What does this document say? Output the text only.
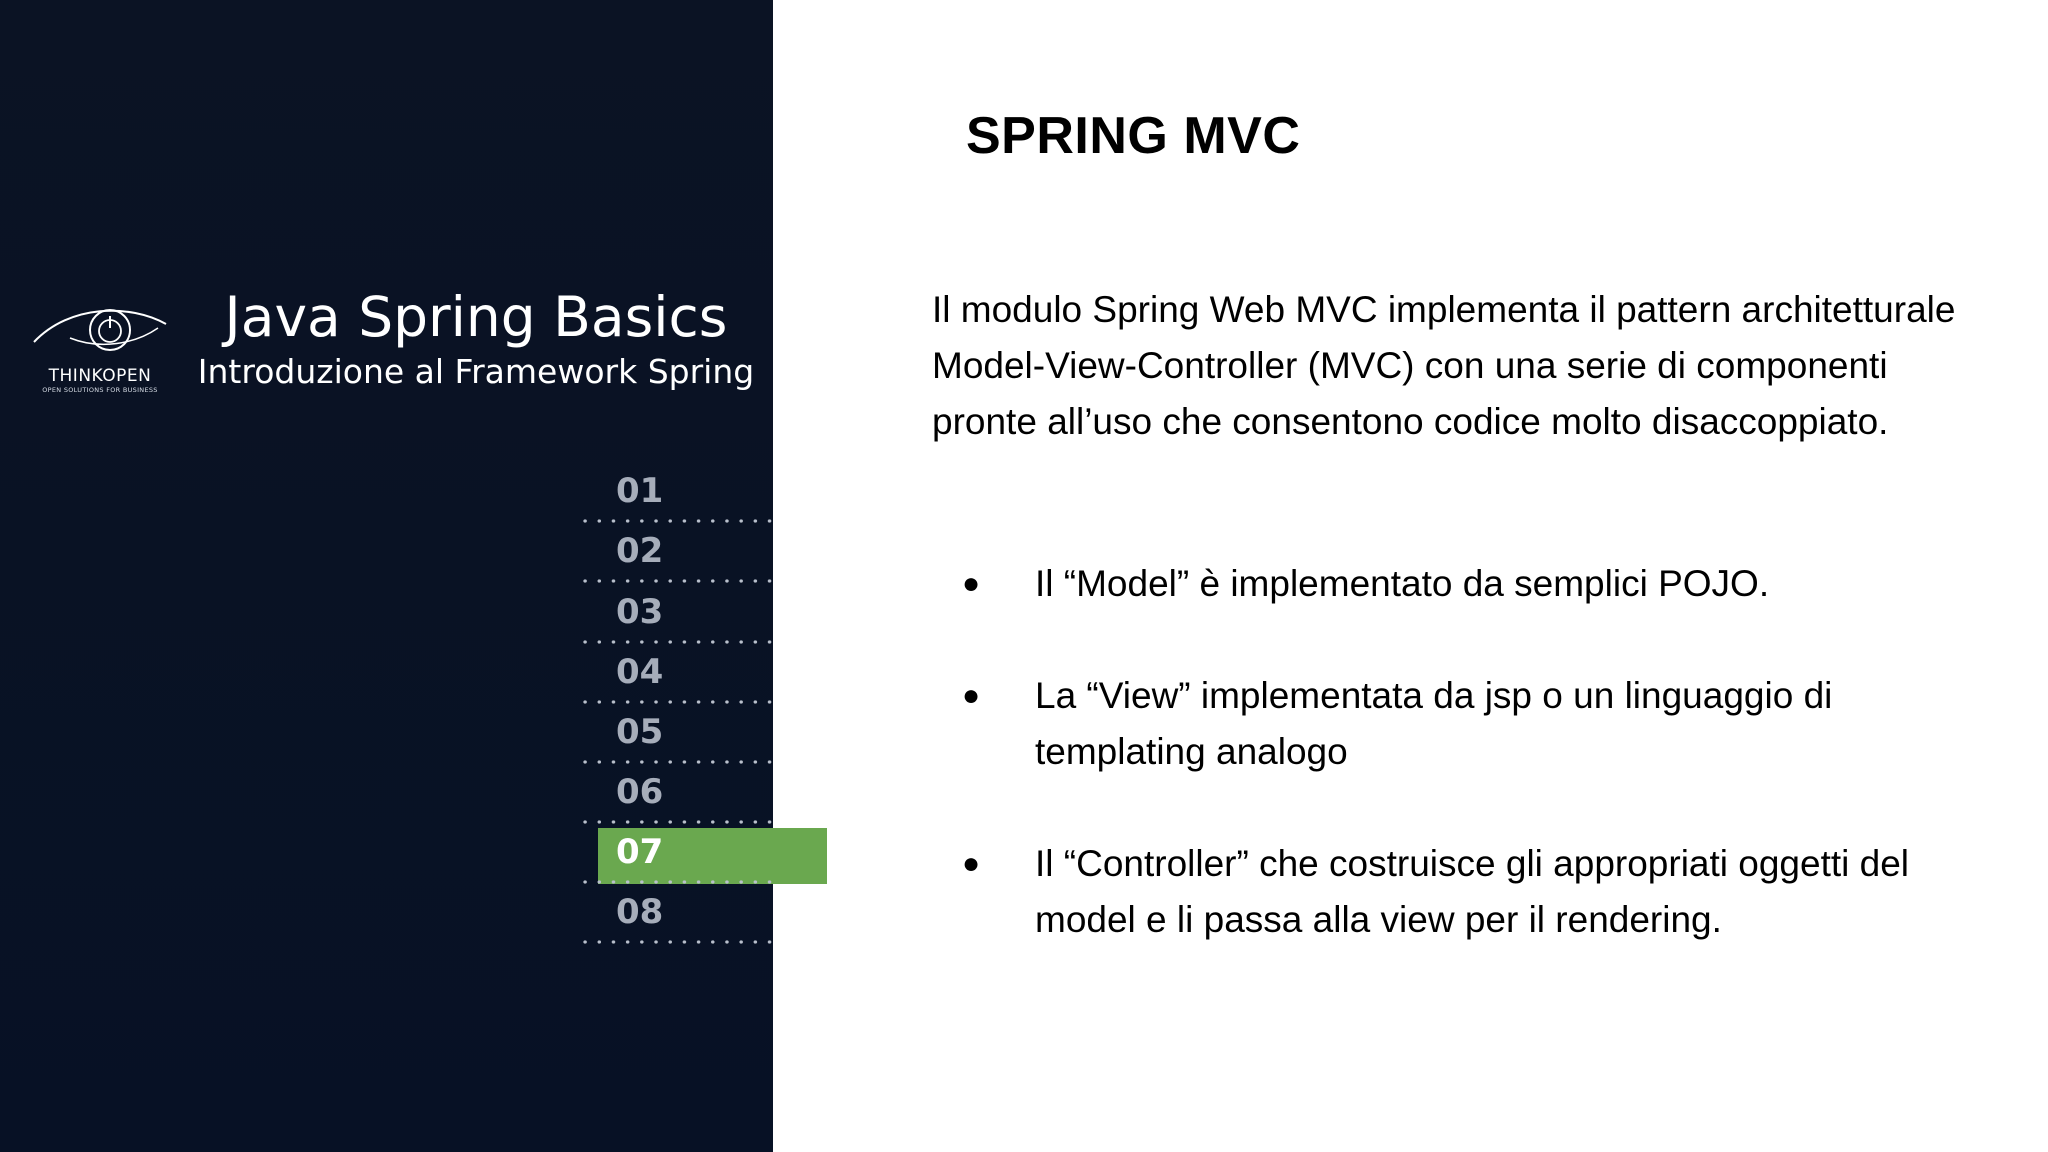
THINKOPEN
OPEN SOLUTIONS FOR BUSINESS
Java Spring Basics
Introduzione al Framework Spring
01
02
03
04
05
06
07
08
SPRING MVC
Il modulo Spring Web MVC implementa il pattern architetturale Model-View-Controller (MVC) con una serie di componenti pronte all’uso che consentono codice molto disaccoppiato.
● Il “Model” è implementato da semplici POJO.
● La “View” implementata da jsp o un linguaggio di templating analogo
● Il “Controller” che costruisce gli appropriati oggetti del model e li passa alla view per il rendering.
